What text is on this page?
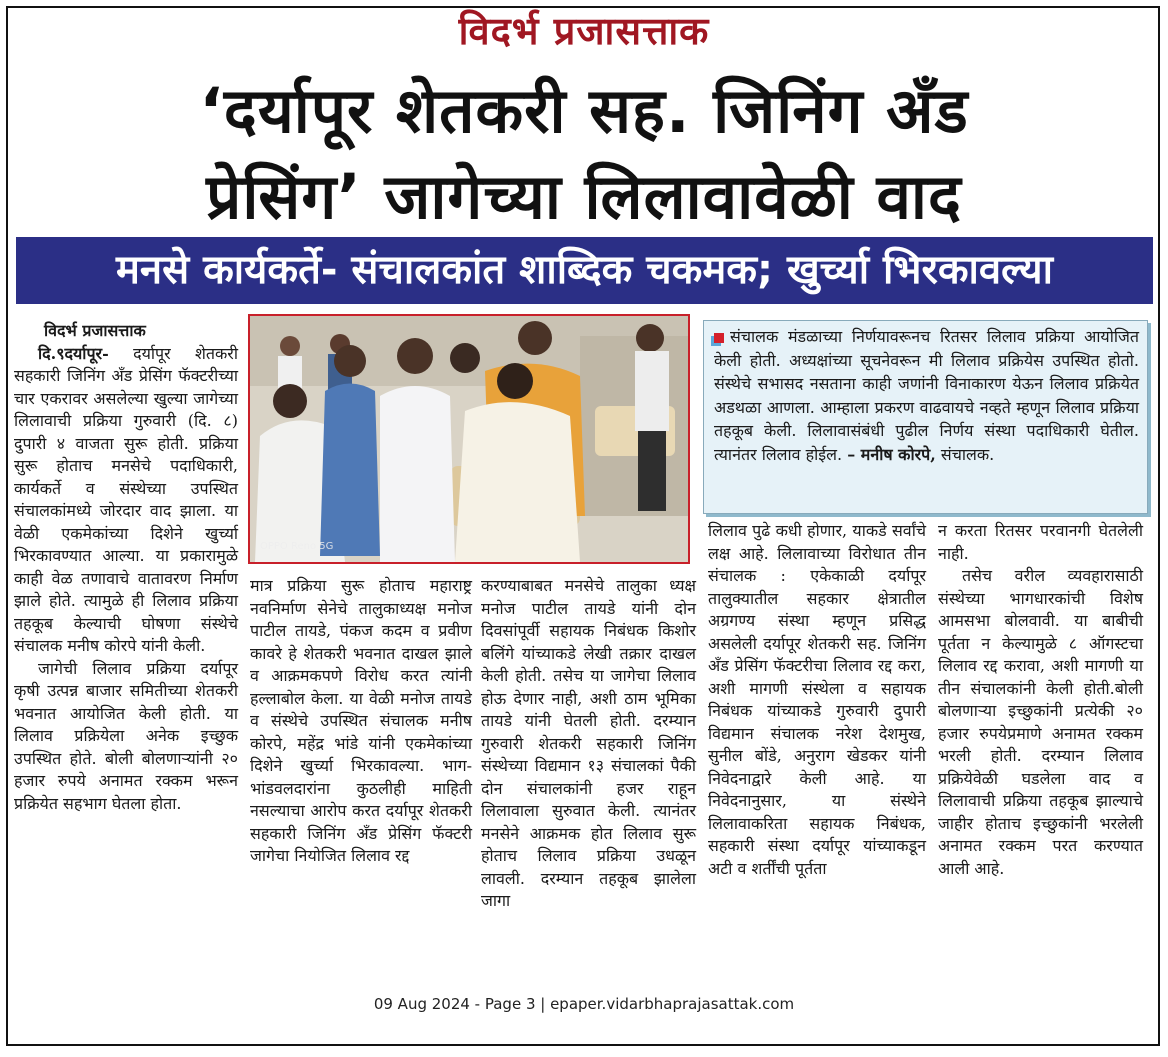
विदर्भ प्रजासत्ताक
‘दर्यापूर शेतकरी सह. जिनिंग अँड
प्रेसिंग’ जागेच्या लिलावावेळी वाद
मनसे कार्यकर्ते- संचालकांत शाब्दिक चकमक; खुर्च्या भिरकावल्या
विदर्भ प्रजासत्ताक

दि.९दर्यापूर- दर्यापूर शेतकरी सहकारी जिनिंग अँड प्रेसिंग फॅक्टरीच्या चार एकरावर असलेल्या खुल्या जागेच्या लिलावाची प्रक्रिया गुरुवारी (दि. ८) दुपारी ४ वाजता सुरू होती. प्रक्रिया सुरू होताच मनसेचे पदाधिकारी, कार्यकर्ते व संस्थेच्या उपस्थित संचालकांमध्ये जोरदार वाद झाला. या वेळी एकमेकांच्या दिशेने खुर्च्या भिरकावण्यात आल्या. या प्रकारामुळे काही वेळ तणावाचे वातावरण निर्माण झाले होते. त्यामुळे ही लिलाव प्रक्रिया तहकूब केल्याची घोषणा संस्थेचे संचालक मनीष कोरपे यांनी केली.

जागेची लिलाव प्रक्रिया दर्यापूर कृषी उत्पन्न बाजार समितीच्या शेतकरी भवनात आयोजित केली होती. या लिलाव प्रक्रियेला अनेक इच्छुक उपस्थित होते. बोली बोलणाऱ्यांनी २० हजार रुपये अनामत रक्कम भरून प्रक्रियेत सहभाग घेतला होता.

OPPO Reno 5G
संचालक मंडळाच्या निर्णयावरूनच रितसर लिलाव प्रक्रिया आयोजित केली होती. अध्यक्षांच्या सूचनेवरून मी लिलाव प्रक्रियेस उपस्थित होतो. संस्थेचे सभासद नसताना काही जणांनी विनाकारण येऊन लिलाव प्रक्रियेत अडथळा आणला. आम्हाला प्रकरण वाढवायचे नव्हते म्हणून लिलाव प्रक्रिया तहकूब केली. लिलावासंबंधी पुढील निर्णय संस्था पदाधिकारी घेतील. त्यानंतर लिलाव होईल. – मनीष कोरपे, संचालक.

मात्र प्रक्रिया सुरू होताच महाराष्ट्र नवनिर्माण सेनेचे तालुकाध्यक्ष मनोज पाटील तायडे, पंकज कदम व प्रवीण कावरे हे शेतकरी भवनात दाखल झाले व आक्रमकपणे विरोध करत त्यांनी हल्लाबोल केला. या वेळी मनोज तायडे व संस्थेचे उपस्थित संचालक मनीष कोरपे, महेंद्र भांडे यांनी एकमेकांच्या दिशेने खुर्च्या भिरकावल्या. भाग-भांडवलदारांना कुठलीही माहिती नसल्याचा आरोप करत दर्यापूर शेतकरी सहकारी जिनिंग अँड प्रेसिंग फॅक्टरी जागेचा नियोजित लिलाव रद्द

करण्याबाबत मनसेचे तालुका ध्यक्ष मनोज पाटील तायडे यांनी दोन दिवसांपूर्वी सहायक निबंधक किशोर बलिंगे यांच्याकडे लेखी तक्रार दाखल केली होती. तसेच या जागेचा लिलाव होऊ देणार नाही, अशी ठाम भूमिका तायडे यांनी घेतली होती. दरम्यान गुरुवारी शेतकरी सहकारी जिनिंग संस्थेच्या विद्यमान १३ संचालकां पैकी दोन संचालकांनी हजर राहून लिलावाला सुरुवात केली. त्यानंतर मनसेने आक्रमक होत लिलाव सुरू होताच लिलाव प्रक्रिया उधळून लावली. दरम्यान तहकूब झालेला जागा

लिलाव पुढे कधी होणार, याकडे सर्वांचे लक्ष आहे. लिलावाच्या विरोधात तीन संचालक : एकेकाळी दर्यापूर तालुक्यातील सहकार क्षेत्रातील अग्रगण्य संस्था म्हणून प्रसिद्ध असलेली दर्यापूर शेतकरी सह. जिनिंग अँड प्रेसिंग फॅक्टरीचा लिलाव रद्द करा, अशी मागणी संस्थेला व सहायक निबंधक यांच्याकडे गुरुवारी दुपारी विद्यमान संचालक नरेश देशमुख, सुनील बोंडे, अनुराग खेडकर यांनी निवेदनाद्वारे केली आहे. या निवेदनानुसार, या संस्थेने लिलावाकरिता सहायक निबंधक, सहकारी संस्था दर्यापूर यांच्याकडून अटी व शर्तींची पूर्तता

न करता रितसर परवानगी घेतलेली नाही.

तसेच वरील व्यवहारासाठी संस्थेच्या भागधारकांची विशेष आमसभा बोलवावी. या बाबीची पूर्तता न केल्यामुळे ८ ऑगस्टचा लिलाव रद्द करावा, अशी मागणी या तीन संचालकांनी केली होती.बोली बोलणाऱ्या इच्छुकांनी प्रत्येकी २० हजार रुपयेप्रमाणे अनामत रक्कम भरली होती. दरम्यान लिलाव प्रक्रियेवेळी घडलेला वाद व लिलावाची प्रक्रिया तहकूब झाल्याचे जाहीर होताच इच्छुकांनी भरलेली अनामत रक्कम परत करण्यात आली आहे.

09 Aug 2024 - Page 3 | epaper.vidarbhaprajasattak.com
